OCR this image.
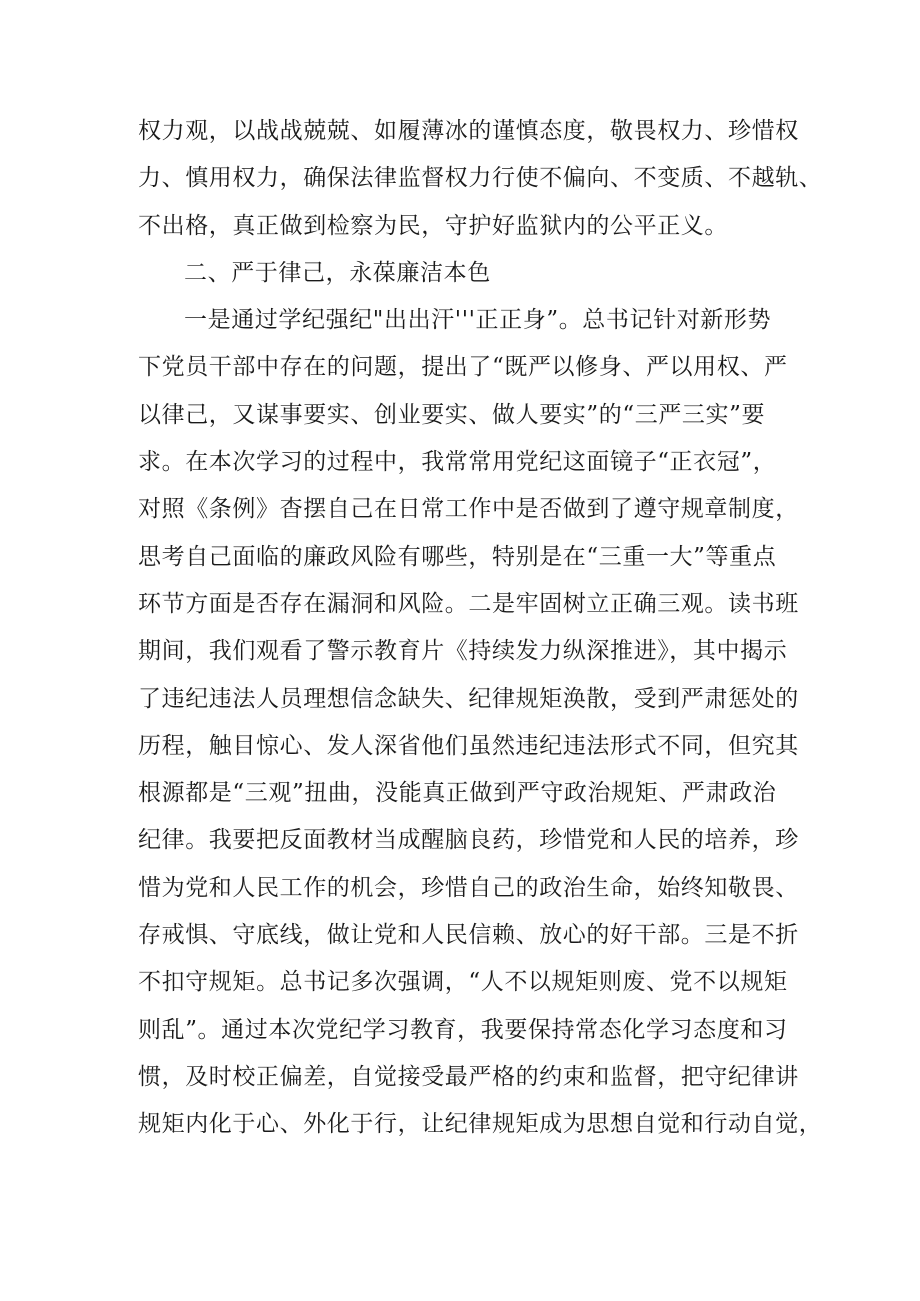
权力观，以战战兢兢、如履薄冰的谨慎态度，敬畏权力、珍惜权
力、慎用权力，确保法律监督权力行使不偏向、不变质、不越轨、
不出格，真正做到检察为民，守护好监狱内的公平正义。
二、严于律己，永葆廉洁本色
一是通过学纪强纪"出出汗'''正正身”。总书记针对新形势
下党员干部中存在的问题，提出了“既严以修身、严以用权、严
以律己，又谋事要实、创业要实、做人要实”的“三严三实”要
求。在本次学习的过程中，我常常用党纪这面镜子“正衣冠”，
对照《条例》杳摆自己在日常工作中是否做到了遵守规章制度，
思考自己面临的廉政风险有哪些，特别是在“三重一大”等重点
环节方面是否存在漏洞和风险。二是牢固树立正确三观。读书班
期间，我们观看了警示教育片《持续发力纵深推进》，其中揭示
了违纪违法人员理想信念缺失、纪律规矩涣散，受到严肃惩处的
历程，触目惊心、发人深省他们虽然违纪违法形式不同，但究其
根源都是“三观”扭曲，没能真正做到严守政治规矩、严肃政治
纪律。我要把反面教材当成醒脑良药，珍惜党和人民的培养，珍
惜为党和人民工作的机会，珍惜自己的政治生命，始终知敬畏、
存戒惧、守底线，做让党和人民信赖、放心的好干部。三是不折
不扣守规矩。总书记多次强调，“人不以规矩则废、党不以规矩
则乱”。通过本次党纪学习教育，我要保持常态化学习态度和习
惯，及时校正偏差，自觉接受最严格的约束和监督，把守纪律讲
规矩内化于心、外化于行，让纪律规矩成为思想自觉和行动自觉，
